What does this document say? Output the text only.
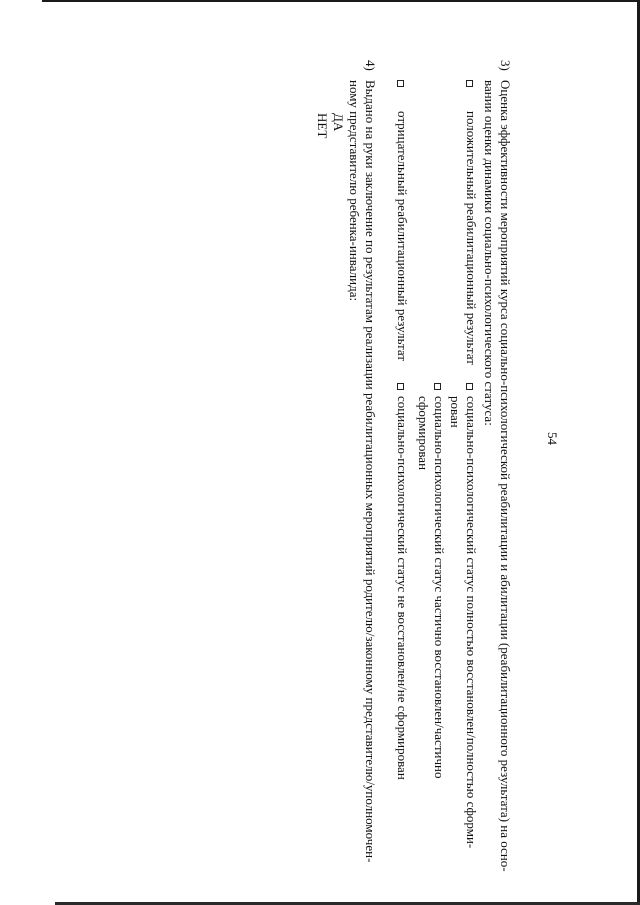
54
3)
Оценка эффективности мероприятий курса социально-психологической реабилитации и абилитации (реабилитационного результата) на осно-
вании оценки динамики социально-психологического статуса:
положительный реабилитационный результат
социально-психологический статус полностью восстановлен/полностью сформи-
рован
социально-психологический статус частично восстановлен/частично
сформирован
отрицательный реабилитационный результат
социально-психологический статус не восстановлен/не сформирован
4)
Выдано на руки заключение по результатам реализации реабилитационных мероприятий родителю/законному представителю/уполномочен-
ному представителю ребенка-инвалида:
ДА
НЕТ
